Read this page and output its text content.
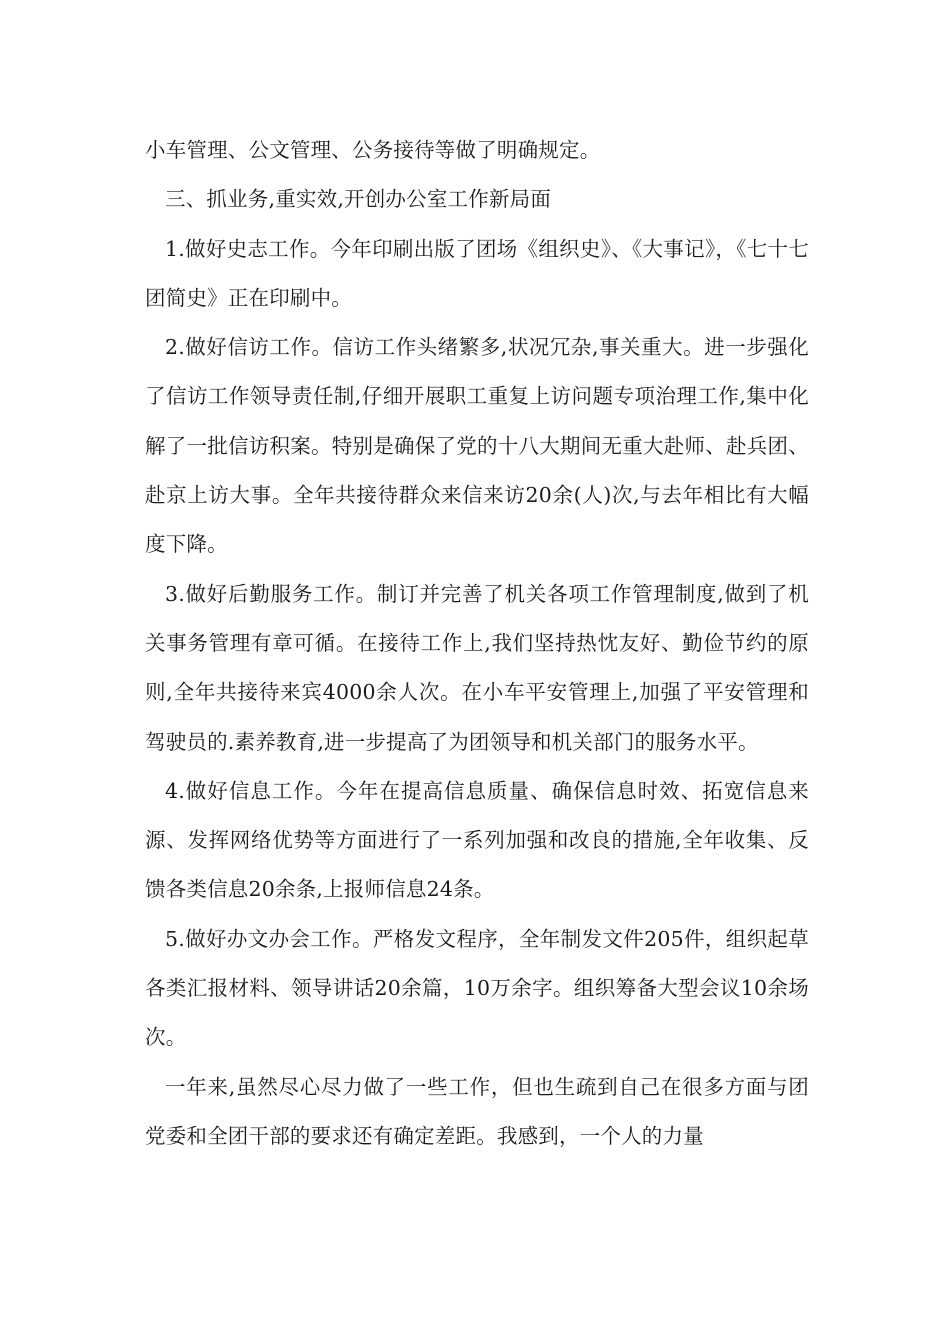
小车管理、公文管理、公务接待等做了明确规定。

三、抓业务,重实效,开创办公室工作新局面

1.做好史志工作。今年印刷出版了团场《组织史》、《大事记》，《七十七团简史》正在印刷中。

2.做好信访工作。信访工作头绪繁多,状况冗杂,事关重大。进一步强化了信访工作领导责任制,仔细开展职工重复上访问题专项治理工作,集中化解了一批信访积案。特别是确保了党的十八大期间无重大赴师、赴兵团、赴京上访大事。全年共接待群众来信来访20余(人)次,与去年相比有大幅度下降。

3.做好后勤服务工作。制订并完善了机关各项工作管理制度,做到了机关事务管理有章可循。在接待工作上,我们坚持热忱友好、勤俭节约的原则,全年共接待来宾4000余人次。在小车平安管理上,加强了平安管理和驾驶员的.素养教育,进一步提高了为团领导和机关部门的服务水平。

4.做好信息工作。今年在提高信息质量、确保信息时效、拓宽信息来源、发挥网络优势等方面进行了一系列加强和改良的措施,全年收集、反馈各类信息20余条,上报师信息24条。

5.做好办文办会工作。严格发文程序，全年制发文件205件，组织起草各类汇报材料、领导讲话20余篇，10万余字。组织筹备大型会议10余场次。

一年来,虽然尽心尽力做了一些工作，但也生疏到自己在很多方面与团党委和全团干部的要求还有确定差距。我感到，一个人的力量
